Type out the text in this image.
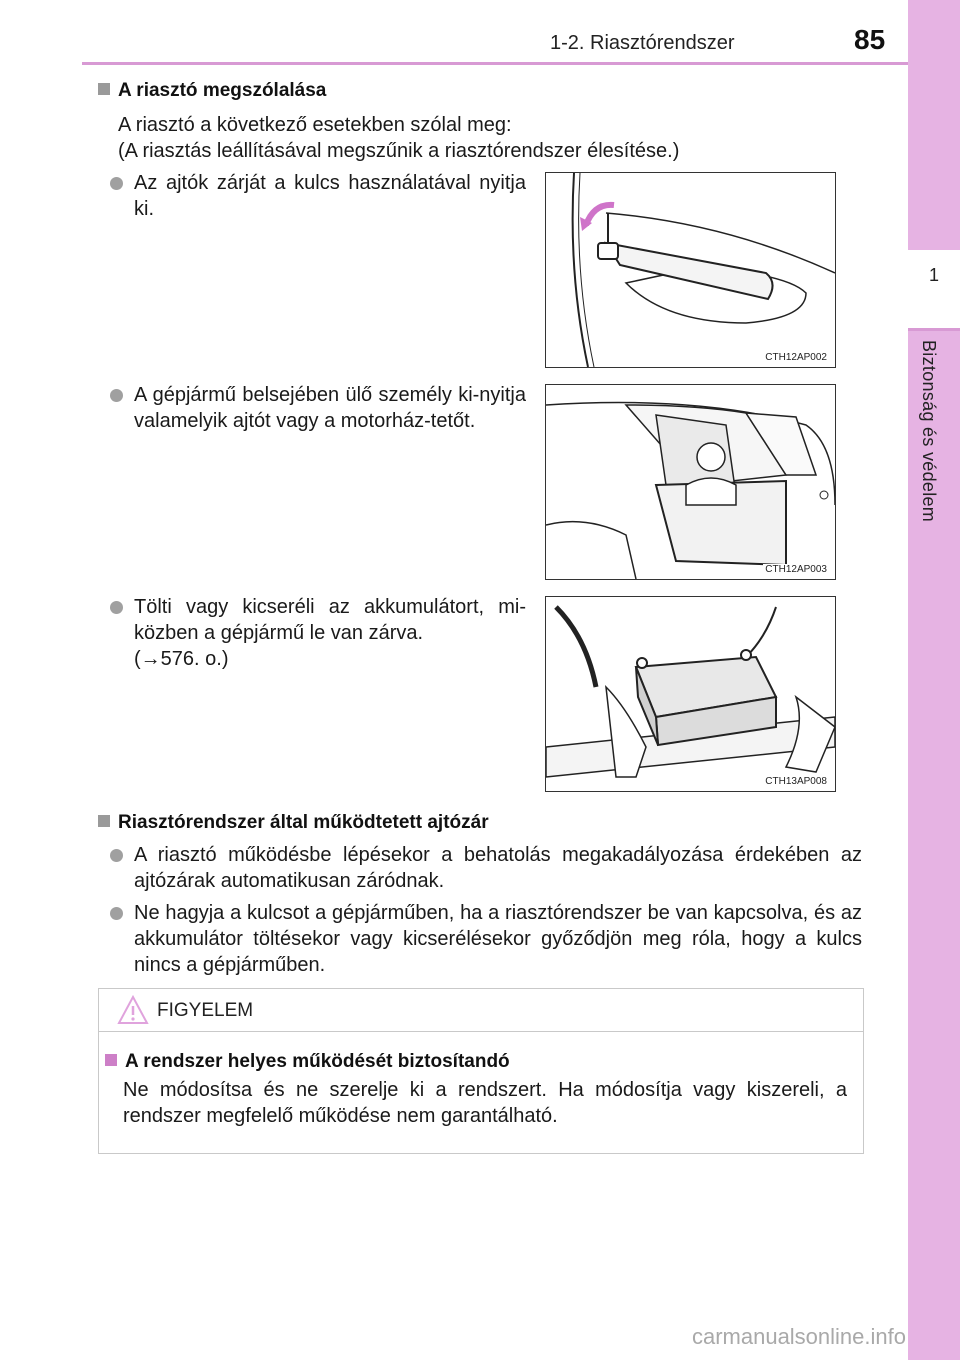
1-2. Riasztórendszer	85
1
Biztonság és védelem
A riasztó megszólalása
A riasztó a következő esetekben szólal meg:
(A riasztás leállításával megszűnik a riasztórendszer élesítése.)
Az ajtók zárját a kulcs használatával nyitja ki.
A gépjármű belsejében ülő személy ki-nyitja valamelyik ajtót vagy a motorház-tetőt.
Tölti vagy kicseréli az akkumulátort, mi-közben a gépjármű le van zárva.
(→576. o.)
CTH12AP002
CTH12AP003
CTH13AP008
Riasztórendszer által működtetett ajtózár
A riasztó működésbe lépésekor a behatolás megakadályozása érdekében az ajtózárak automatikusan záródnak.
Ne hagyja a kulcsot a gépjárműben, ha a riasztórendszer be van kapcsolva, és az akkumulátor töltésekor vagy kicserélésekor győződjön meg róla, hogy a kulcs nincs a gépjárműben.
FIGYELEM
A rendszer helyes működését biztosítandó
Ne módosítsa és ne szerelje ki a rendszert. Ha módosítja vagy kiszereli, a rendszer megfelelő működése nem garantálható.
carmanualsonline.info
